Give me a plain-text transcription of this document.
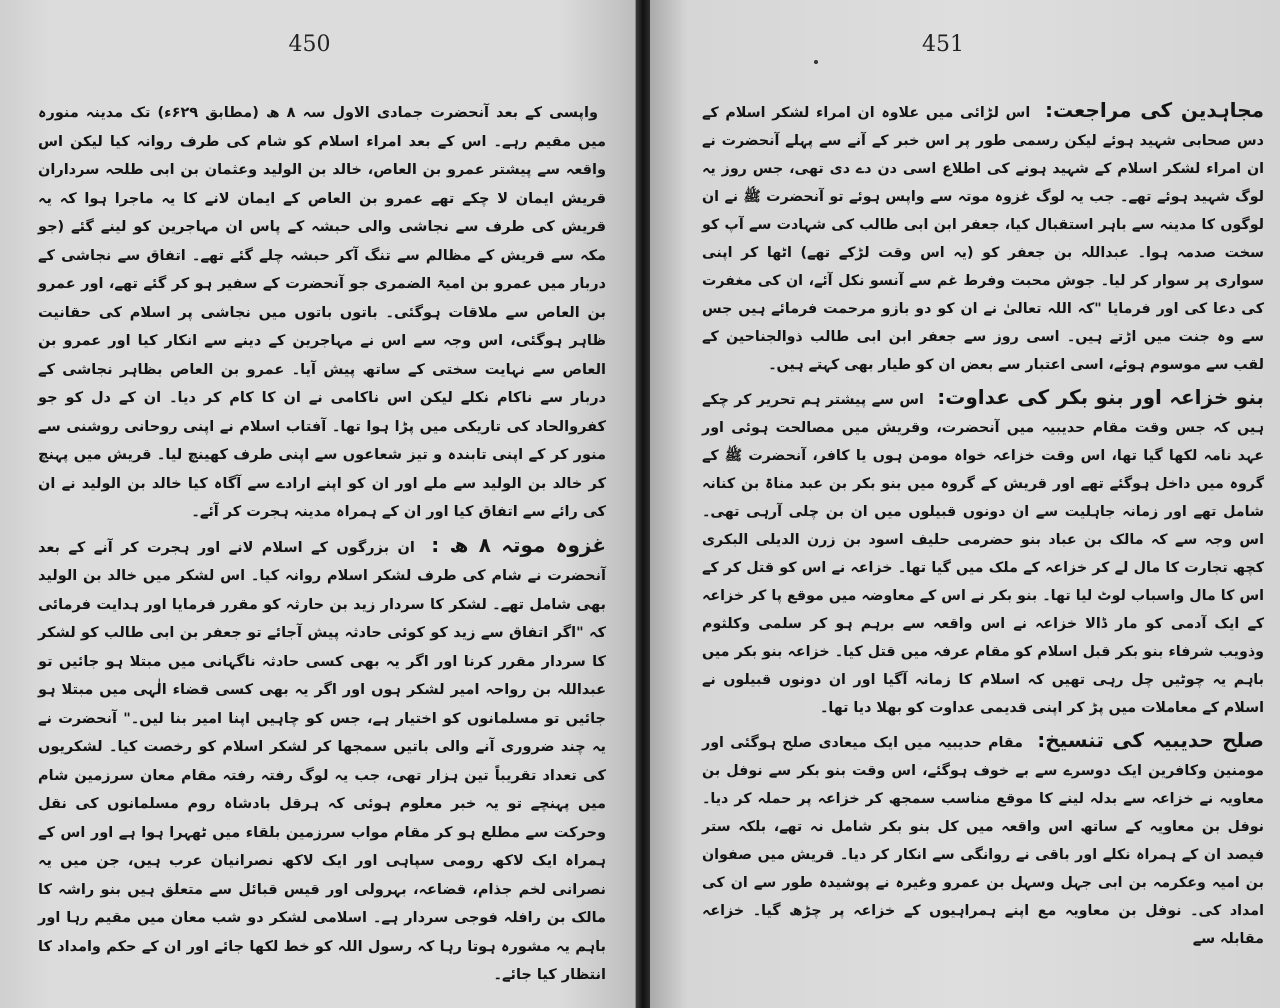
450

واپسی کے بعد آنحضرت جمادی الاول سہ ۸ ھ (مطابق ۶۲۹ء) تک مدینہ منورہ میں مقیم رہے۔ اس کے بعد امراء اسلام کو شام کی طرف روانہ کیا لیکن اس واقعہ سے پیشتر عمرو بن العاص، خالد بن الولید وعثمان بن ابی طلحہ سرداران قریش ایمان لا چکے تھے عمرو بن العاص کے ایمان لانے کا یہ ماجرا ہوا کہ یہ قریش کی طرف سے نجاشی والی حبشہ کے پاس ان مہاجرین کو لینے گئے (جو مکہ سے قریش کے مظالم سے تنگ آکر حبشہ چلے گئے تھے۔ اتفاق سے نجاشی کے دربار میں عمرو بن امیۃ الضمری جو آنحضرت کے سفیر ہو کر گئے تھے، اور عمرو بن العاص سے ملاقات ہوگئی۔ باتوں باتوں میں نجاشی پر اسلام کی حقانیت ظاہر ہوگئی، اس وجہ سے اس نے مہاجرین کے دینے سے انکار کیا اور عمرو بن العاص سے نہایت سختی کے ساتھ پیش آیا۔ عمرو بن العاص بظاہر نجاشی کے دربار سے ناکام نکلے لیکن اس ناکامی نے ان کا کام کر دیا۔ ان کے دل کو جو کفروالحاد کی تاریکی میں پڑا ہوا تھا۔ آفتاب اسلام نے اپنی روحانی روشنی سے منور کر کے اپنی تابندہ و تیز شعاعوں سے اپنی طرف کھینچ لیا۔ قریش میں پہنچ کر خالد بن الولید سے ملے اور ان کو اپنے ارادے سے آگاہ کیا خالد بن الولید نے ان کی رائے سے اتفاق کیا اور ان کے ہمراہ مدینہ ہجرت کر آئے۔

غزوہ موتہ ۸ ھ : ان بزرگوں کے اسلام لانے اور ہجرت کر آنے کے بعد آنحضرت نے شام کی طرف لشکر اسلام روانہ کیا۔ اس لشکر میں خالد بن الولید بھی شامل تھے۔ لشکر کا سردار زید بن حارثہ کو مقرر فرمایا اور ہدایت فرمائی کہ "اگر اتفاق سے زید کو کوئی حادثہ پیش آجائے تو جعفر بن ابی طالب کو لشکر کا سردار مقرر کرنا اور اگر یہ بھی کسی حادثہ ناگہانی میں مبتلا ہو جائیں تو عبداللہ بن رواحہ امیر لشکر ہوں اور اگر یہ بھی کسی قضاء الٰہی میں مبتلا ہو جائیں تو مسلمانوں کو اختیار ہے، جس کو چاہیں اپنا امیر بنا لیں۔" آنحضرت نے یہ چند ضروری آنے والی باتیں سمجھا کر لشکر اسلام کو رخصت کیا۔ لشکریوں کی تعداد تقریباً تین ہزار تھی، جب یہ لوگ رفتہ رفتہ مقام معان سرزمین شام میں پہنچے تو یہ خبر معلوم ہوئی کہ ہرقل بادشاہ روم مسلمانوں کی نقل وحرکت سے مطلع ہو کر مقام مواب سرزمین بلقاء میں ٹھہرا ہوا ہے اور اس کے ہمراہ ایک لاکھ رومی سپاہی اور ایک لاکھ نصرانیان عرب ہیں، جن میں یہ نصرانی لخم جذام، قضاعہ، بہرولی اور قیس قبائل سے متعلق ہیں بنو راشہ کا مالک بن رافلہ فوجی سردار ہے۔ اسلامی لشکر دو شب معان میں مقیم رہا اور باہم یہ مشورہ ہوتا رہا کہ رسول اللہ کو خط لکھا جائے اور ان کے حکم وامداد کا انتظار کیا جائے۔

451

مجاہدین کی مراجعت: اس لڑائی میں علاوہ ان امراء لشکر اسلام کے دس صحابی شہید ہوئے لیکن رسمی طور پر اس خبر کے آنے سے پہلے آنحضرت نے ان امراء لشکر اسلام کے شہید ہونے کی اطلاع اسی دن دے دی تھی، جس روز یہ لوگ شہید ہوئے تھے۔ جب یہ لوگ غزوہ موتہ سے واپس ہوئے تو آنحضرت ﷺ نے ان لوگوں کا مدینہ سے باہر استقبال کیا، جعفر ابن ابی طالب کی شہادت سے آپ کو سخت صدمہ ہوا۔ عبداللہ بن جعفر کو (یہ اس وقت لڑکے تھے) اٹھا کر اپنی سواری پر سوار کر لیا۔ جوش محبت وفرط غم سے آنسو نکل آئے، ان کی مغفرت کی دعا کی اور فرمایا "کہ اللہ تعالیٰ نے ان کو دو بازو مرحمت فرمائے ہیں جس سے وہ جنت میں اڑتے ہیں۔ اسی روز سے جعفر ابن ابی طالب ذوالجناحین کے لقب سے موسوم ہوئے، اسی اعتبار سے بعض ان کو طیار بھی کہتے ہیں۔

بنو خزاعہ اور بنو بکر کی عداوت: اس سے پیشتر ہم تحریر کر چکے ہیں کہ جس وقت مقام حدیبیہ میں آنحضرت، وقریش میں مصالحت ہوئی اور عہد نامہ لکھا گیا تھا، اس وقت خزاعہ خواہ مومن ہوں یا کافر، آنحضرت ﷺ کے گروہ میں داخل ہوگئے تھے اور قریش کے گروہ میں بنو بکر بن عبد مناۃ بن کنانہ شامل تھے اور زمانہ جاہلیت سے ان دونوں قبیلوں میں ان بن چلی آرہی تھی۔ اس وجہ سے کہ مالک بن عباد بنو حضرمی حلیف اسود بن زرن الدیلی البکری کچھ تجارت کا مال لے کر خزاعہ کے ملک میں گیا تھا۔ خزاعہ نے اس کو قتل کر کے اس کا مال واسباب لوٹ لیا تھا۔ بنو بکر نے اس کے معاوضہ میں موقع پا کر خزاعہ کے ایک آدمی کو مار ڈالا خزاعہ نے اس واقعہ سے برہم ہو کر سلمی وکلثوم وذویب شرفاء بنو بکر قبل اسلام کو مقام عرفہ میں قتل کیا۔ خزاعہ بنو بکر میں باہم یہ چوٹیں چل رہی تھیں کہ اسلام کا زمانہ آگیا اور ان دونوں قبیلوں نے اسلام کے معاملات میں پڑ کر اپنی قدیمی عداوت کو بھلا دیا تھا۔

صلح حدیبیہ کی تنسیخ: مقام حدیبیہ میں ایک میعادی صلح ہوگئی اور مومنین وکافرین ایک دوسرے سے بے خوف ہوگئے، اس وقت بنو بکر سے نوفل بن معاویہ نے خزاعہ سے بدلہ لینے کا موقع مناسب سمجھ کر خزاعہ پر حملہ کر دیا۔ نوفل بن معاویہ کے ساتھ اس واقعہ میں کل بنو بکر شامل نہ تھے، بلکہ ستر فیصد ان کے ہمراہ نکلے اور باقی نے روانگی سے انکار کر دیا۔ قریش میں صفوان بن امیہ وعکرمہ بن ابی جہل وسہل بن عمرو وغیرہ نے پوشیدہ طور سے ان کی امداد کی۔ نوفل بن معاویہ مع اپنے ہمراہیوں کے خزاعہ پر چڑھ گیا۔ خزاعہ مقابلہ سے
